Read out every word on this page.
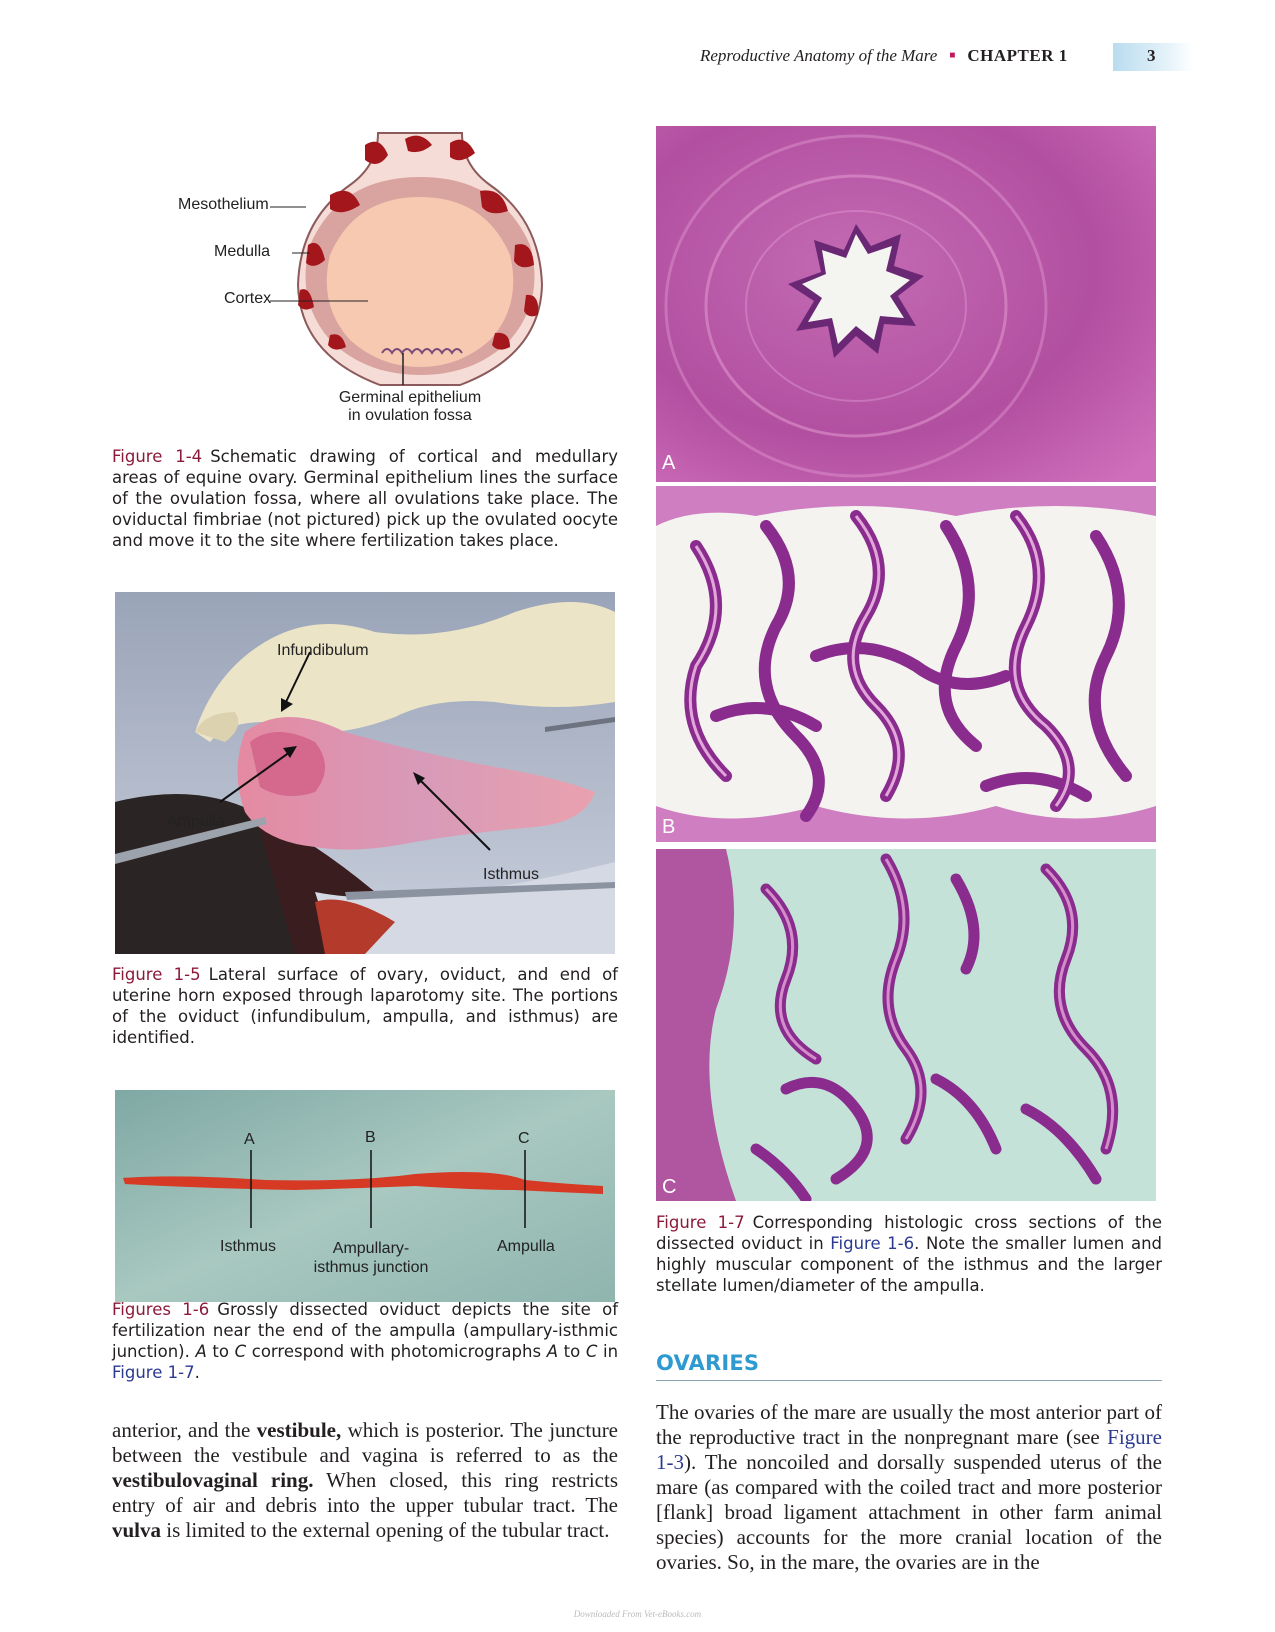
Reproductive Anatomy of the Mare ■ CHAPTER 1	3
Mesothelium
Medulla
Cortex
Germinal epithelium
in ovulation fossa
Figure 1-4 Schematic drawing of cortical and medullary areas of equine ovary. Germinal epithelium lines the surface of the ovulation fossa, where all ovulations take place. The oviductal fimbriae (not pictured) pick up the ovulated oocyte and move it to the site where fertilization takes place.
Infundibulum
Ampulla
Isthmus
Figure 1-5 Lateral surface of ovary, oviduct, and end of uterine horn exposed through laparotomy site. The portions of the oviduct (infundibulum, ampulla, and isthmus) are identified.
A	B	C
Isthmus	Ampullary-
isthmus junction
Ampulla
Figures 1-6 Grossly dissected oviduct depicts the site of fertilization near the end of the ampulla (ampullary-isthmic junction). A to C correspond with photomicrographs A to C in Figure 1-7.
anterior, and the vestibule, which is posterior. The juncture between the vestibule and vagina is referred to as the vestibulovaginal ring. When closed, this ring restricts entry of air and debris into the upper tubular tract. The vulva is limited to the external opening of the tubular tract.
A
B
C
Figure 1-7 Corresponding histologic cross sections of the dissected oviduct in Figure 1-6. Note the smaller lumen and highly muscular component of the isthmus and the larger stellate lumen/diameter of the ampulla.
OVARIES
The ovaries of the mare are usually the most anterior part of the reproductive tract in the nonpregnant mare (see Figure 1-3). The noncoiled and dorsally suspended uterus of the mare (as compared with the coiled tract and more posterior [flank] broad ligament attachment in other farm animal species) accounts for the more cranial location of the ovaries. So, in the mare, the ovaries are in the
Downloaded From Vet-eBooks.com
